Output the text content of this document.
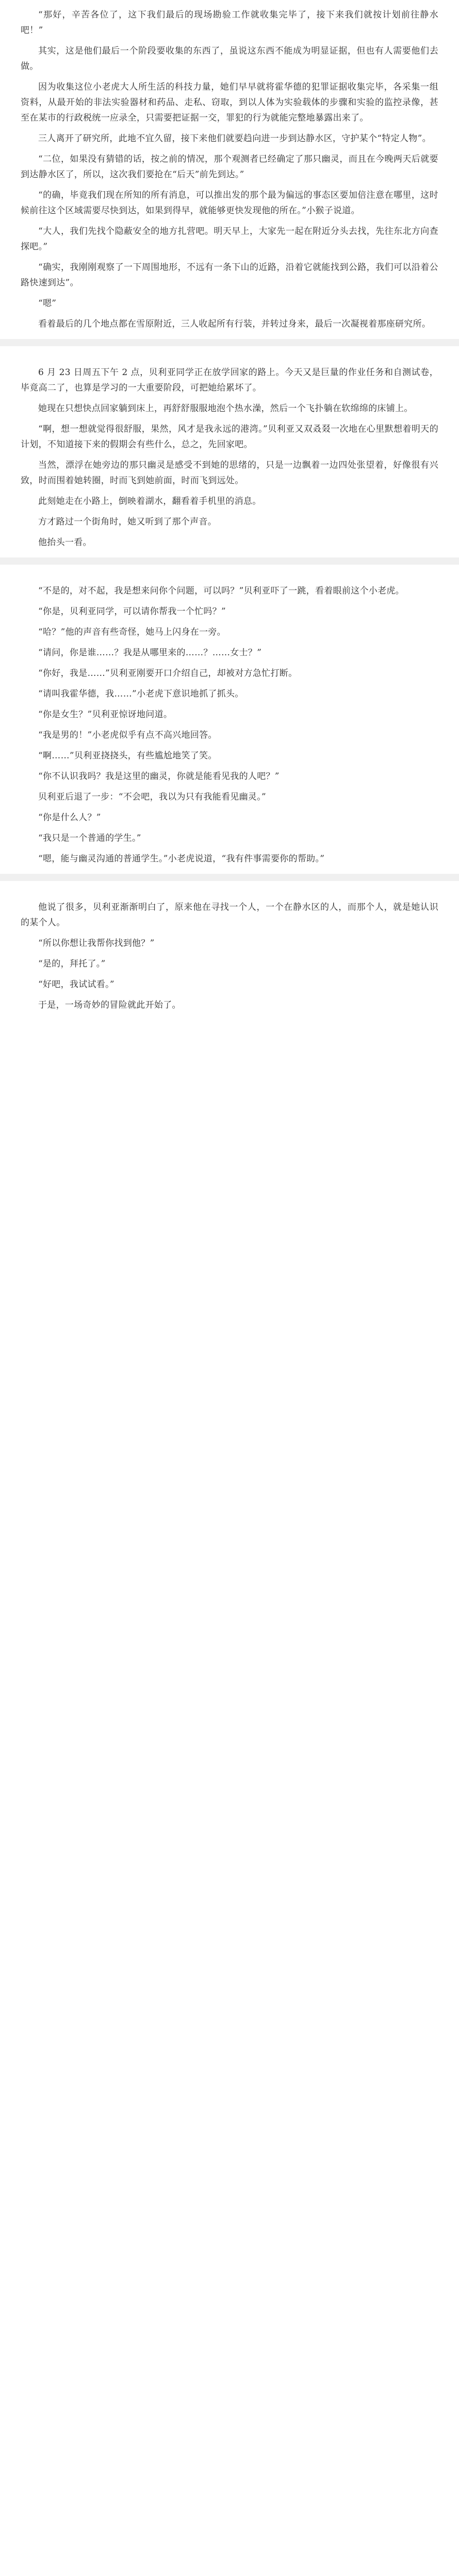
“那好，辛苦各位了，这下我们最后的现场勘验工作就收集完毕了，接下来我们就按计划前往静水吧！”

其实，这是他们最后一个阶段要收集的东西了，虽说这东西不能成为明显证据，但也有人需要他们去做。

因为收集这位小老虎大人所生活的科技力量，她们早早就将霍华德的犯罪证据收集完毕，各采集一组资料，从最开始的非法实验器材和药品、走私、窃取，到以人体为实验载体的步骤和实验的监控录像，甚至在某市的行政税统一应录全，只需要把证据一交，罪犯的行为就能完整地暴露出来了。

三人离开了研究所，此地不宜久留，接下来他们就要趋向进一步到达静水区，守护某个“特定人物”。

“二位，如果没有猜错的话，按之前的情况，那个观测者已经确定了那只幽灵，而且在今晚两天后就要到达静水区了，所以，这次我们要抢在“后天”前先到达。”

“的确，毕竟我们现在所知的所有消息，可以推出发的那个最为偏远的事态区要加倍注意在哪里，这时候前往这个区域需要尽快到达，如果到得早，就能够更快发现他的所在。”小猴子说道。

“大人，我们先找个隐蔽安全的地方扎营吧。明天早上，大家先一起在附近分头去找，先往东北方向查探吧。”

“确实，我刚刚观察了一下周围地形，不远有一条下山的近路，沿着它就能找到公路，我们可以沿着公路快速到达”。

“嗯”

看着最后的几个地点都在雪原附近，三人收起所有行装，并转过身来，最后一次凝视着那座研究所。

6 月 23 日周五下午 2 点，贝利亚同学正在放学回家的路上。今天又是巨量的作业任务和自测试卷，毕竟高二了，也算是学习的一大重要阶段，可把她给累坏了。

她现在只想快点回家躺到床上，再舒舒服服地泡个热水澡，然后一个飞扑躺在软绵绵的床铺上。

“啊，想一想就觉得很舒服，果然，风才是我永远的港湾。”贝利亚又双叒叕一次地在心里默想着明天的计划，不知道接下来的假期会有些什么，总之，先回家吧。

当然，漂浮在她旁边的那只幽灵是感受不到她的思绪的，只是一边飘着一边四处张望着，好像很有兴致，时而围着她转圈，时而飞到她前面，时而飞到远处。

此刻她走在小路上，倒映着湖水，翻看着手机里的消息。

方才路过一个街角时，她又听到了那个声音。

他抬头一看。

“不是的，对不起，我是想来问你个问题，可以吗？”贝利亚吓了一跳，看着眼前这个小老虎。

“你是，贝利亚同学，可以请你帮我一个忙吗？”

“哈？”他的声音有些奇怪，她马上闪身在一旁。

“请问，你是谁……？我是从哪里来的……？……女士？”

“你好，我是……”贝利亚刚要开口介绍自己，却被对方急忙打断。

“请叫我霍华德，我……”小老虎下意识地抓了抓头。

“你是女生？”贝利亚惊讶地问道。

“我是男的！”小老虎似乎有点不高兴地回答。

“啊……”贝利亚挠挠头，有些尴尬地笑了笑。

“你不认识我吗？我是这里的幽灵，你就是能看见我的人吧？”

贝利亚后退了一步：“不会吧，我以为只有我能看见幽灵。”

“你是什么人？”

“我只是一个普通的学生。”

“嗯，能与幽灵沟通的普通学生。”小老虎说道，“我有件事需要你的帮助。”

他说了很多，贝利亚渐渐明白了，原来他在寻找一个人，一个在静水区的人，而那个人，就是她认识的某个人。

“所以你想让我帮你找到他？”

“是的，拜托了。”

“好吧，我试试看。”

于是，一场奇妙的冒险就此开始了。
